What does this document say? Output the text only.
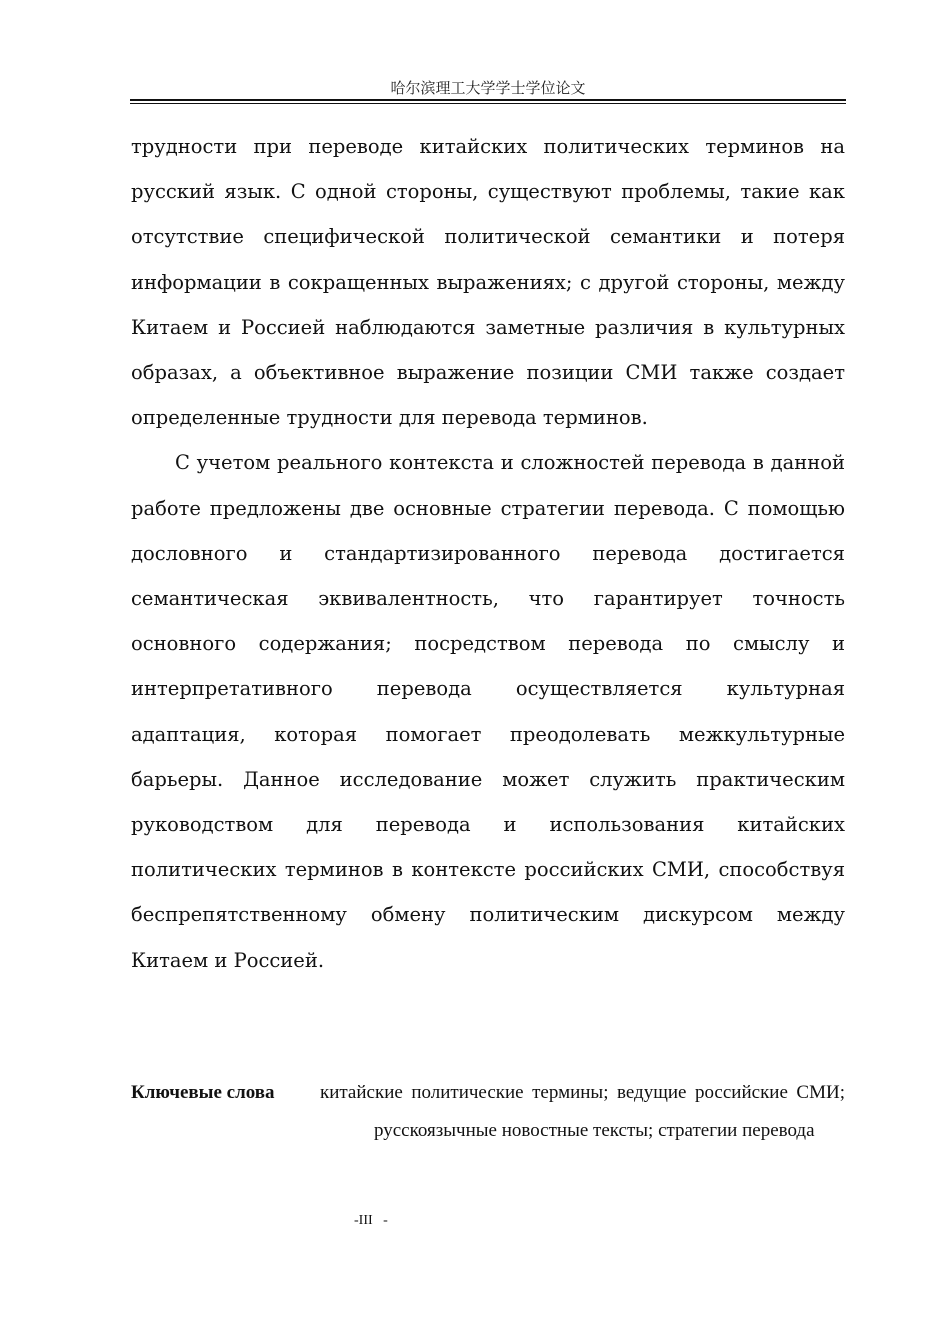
哈尔滨理工大学学士学位论文

трудности при переводе китайских политических терминов на русский язык. С одной стороны, существуют проблемы, такие как отсутствие специфической политической семантики и потеря информации в сокращенных выражениях; с другой стороны, между Китаем и Россией наблюдаются заметные различия в культурных образах, а объективное выражение позиции СМИ также создает определенные трудности для перевода терминов.

С учетом реального контекста и сложностей перевода в данной работе предложены две основные стратегии перевода. С помощью дословного и стандартизированного перевода достигается семантическая эквивалентность, что гарантирует точность основного содержания; посредством перевода по смыслу и интерпретативного перевода осуществляется культурная адаптация, которая помогает преодолевать межкультурные барьеры. Данное исследование может служить практическим руководством для перевода и использования китайских политических терминов в контексте российских СМИ, способствуя беспрепятственному обмену политическим дискурсом между Китаем и Россией.

Ключевые слова китайские политические термины; ведущие российские СМИ; русскоязычные новостные тексты; стратегии перевода

-III   -
